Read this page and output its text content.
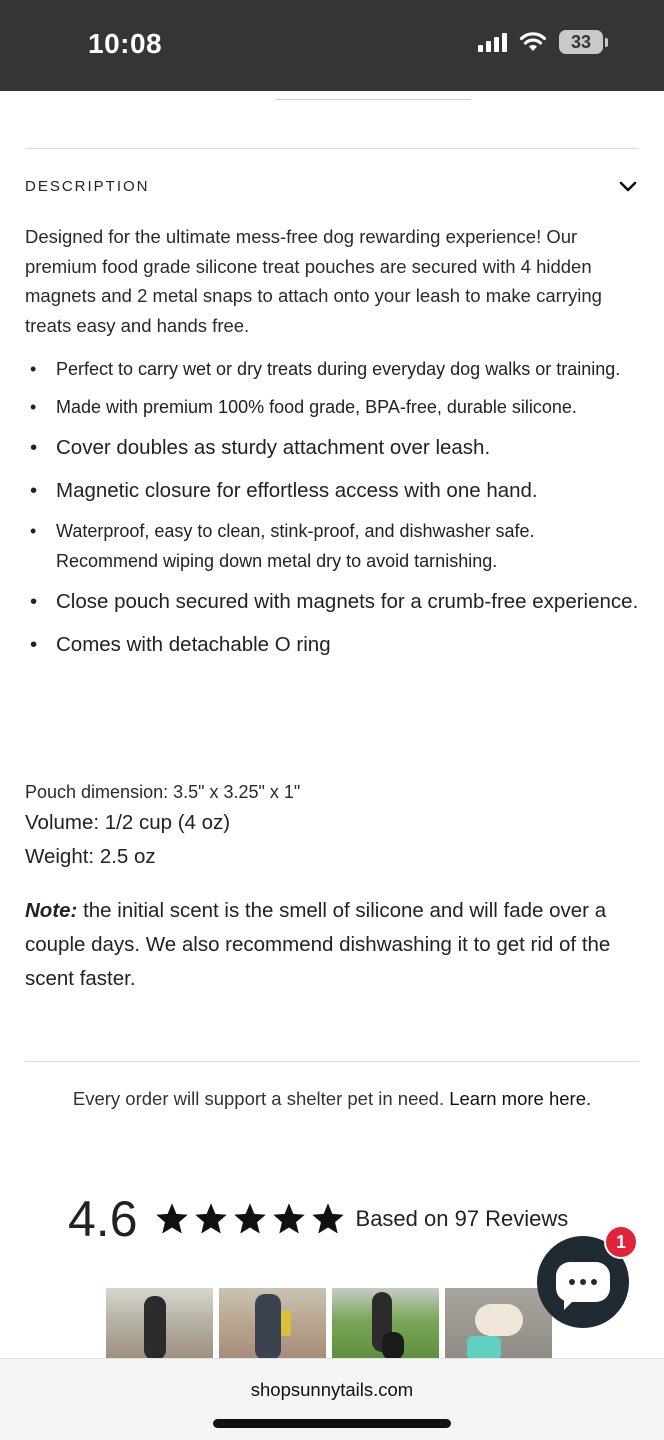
10:08	33
DESCRIPTION

Designed for the ultimate mess-free dog rewarding experience! Our premium food grade silicone treat pouches are secured with 4 hidden magnets and 2 metal snaps to attach onto your leash to make carrying treats easy and hands free.

• Perfect to carry wet or dry treats during everyday dog walks or training.
• Made with premium 100% food grade, BPA-free, durable silicone.
• Cover doubles as sturdy attachment over leash.
• Magnetic closure for effortless access with one hand.
• Waterproof, easy to clean, stink-proof, and dishwasher safe. Recommend wiping down metal dry to avoid tarnishing.
• Close pouch secured with magnets for a crumb-free experience.
• Comes with detachable O ring
Pouch dimension: 3.5" x 3.25" x 1"
Volume: 1/2 cup (4 oz)
Weight: 2.5 oz

Note: the initial scent is the smell of silicone and will fade over a couple days. We also recommend dishwashing it to get rid of the scent faster.

Every order will support a shelter pet in need. Learn more here.
4.6	Based on 97 Reviews
1
shopsunnytails.com
